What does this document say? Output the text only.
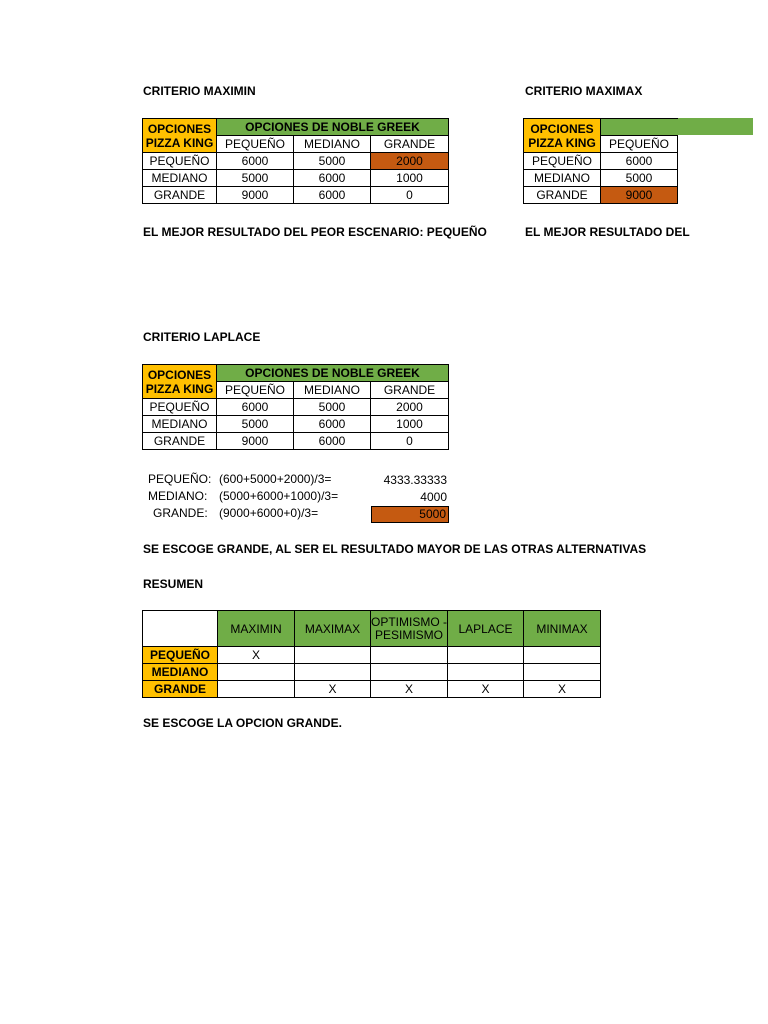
CRITERIO MAXIMIN
OPCIONES PIZZA KING	OPCIONES DE NOBLE GREEK		
	PEQUEÑO	MEDIANO	GRANDE
PEQUEÑO	6000	5000	2000
MEDIANO	5000	6000	1000
GRANDE	9000	6000	0
EL MEJOR RESULTADO DEL PEOR ESCENARIO: PEQUEÑO
CRITERIO MAXIMAX
OPCIONES PIZZA KING	
	PEQUEÑO
PEQUEÑO	6000
MEDIANO	5000
GRANDE	9000
EL MEJOR RESULTADO DEL
CRITERIO LAPLACE
OPCIONES PIZZA KING	OPCIONES DE NOBLE GREEK		
	PEQUEÑO	MEDIANO	GRANDE
PEQUEÑO	6000	5000	2000
MEDIANO	5000	6000	1000
GRANDE	9000	6000	0
PEQUEÑO: (600+5000+2000)/3=	4333.33333
MEDIANO: (5000+6000+1000)/3=	4000
GRANDE: (9000+6000+0)/3=	5000
SE ESCOGE GRANDE, AL SER EL RESULTADO MAYOR DE LAS OTRAS ALTERNATIVAS
RESUMEN
	MAXIMIN	MAXIMAX	OPTIMISMO - PESIMISMO	LAPLACE	MINIMAX
PEQUEÑO	X				
MEDIANO					
GRANDE		X	X	X	X
SE ESCOGE LA OPCION GRANDE.
